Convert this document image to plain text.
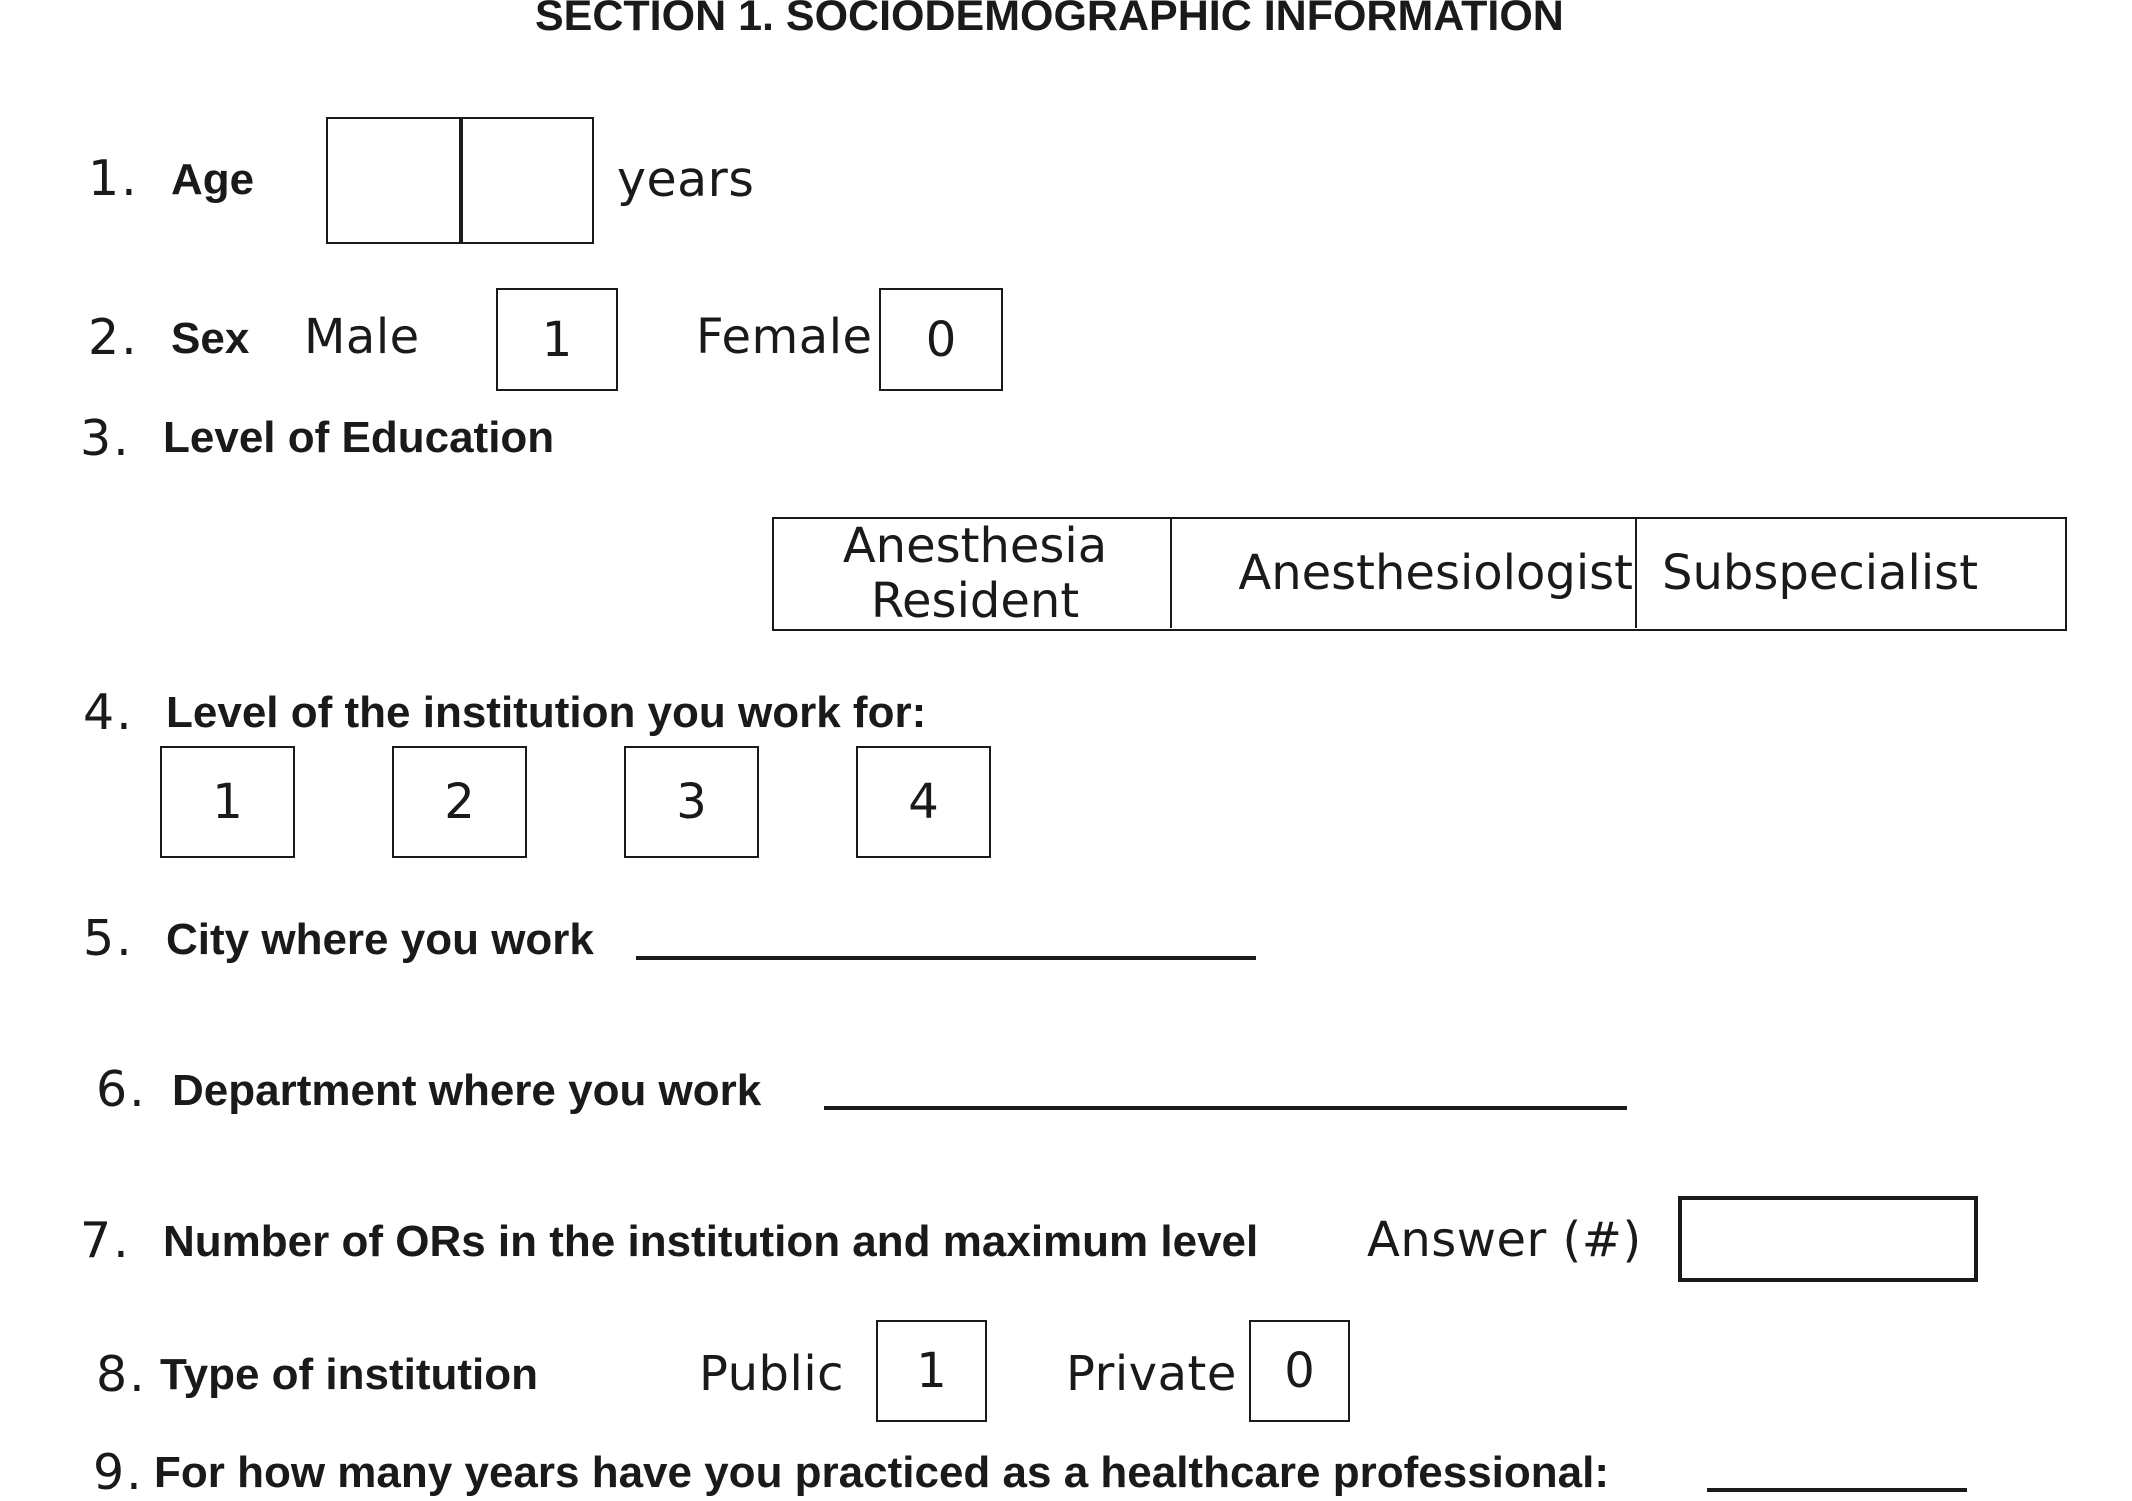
SECTION 1. SOCIODEMOGRAPHIC INFORMATION
1. Age	years
2. Sex Male	1	Female	0
3. Level of Education
Anesthesia
Resident	Anesthesiologist Subspecialist
4. Level of the institution you work for:
1	2	3	4
5. City where you work
6. Department where you work
7. Number of ORs in the institution and maximum level Answer (#)
8. Type of institution	Public	1	Private 0
9. For how many years have you practiced as a healthcare professional:
